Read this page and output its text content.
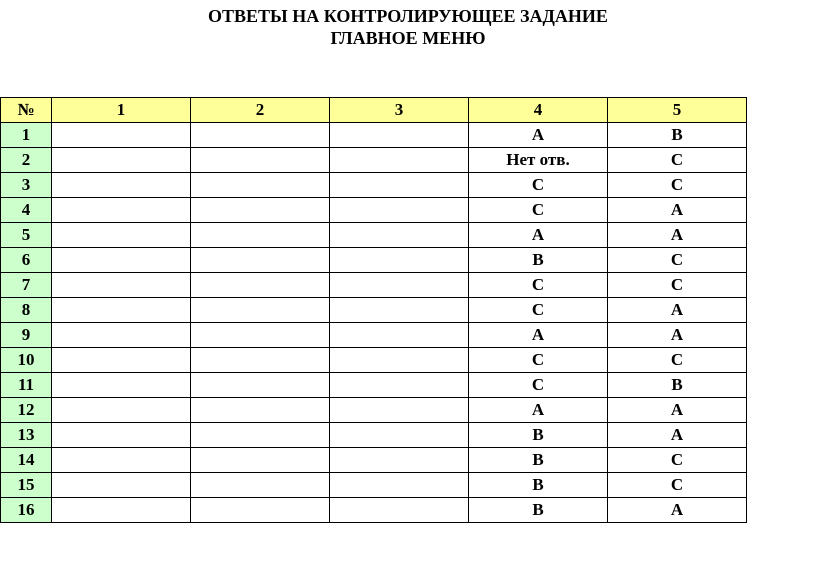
ОТВЕТЫ НА КОНТРОЛИРУЮЩЕЕ ЗАДАНИЕ
ГЛАВНОЕ МЕНЮ
№	1	2	3	4	5
1				A	B
2				Нет отв.	C
3				C	C
4				C	A
5				A	A
6				B	C
7				C	C
8				C	A
9				A	A
10				C	C
11				C	B
12				A	A
13				B	A
14				B	C
15				B	C
16				B	A
